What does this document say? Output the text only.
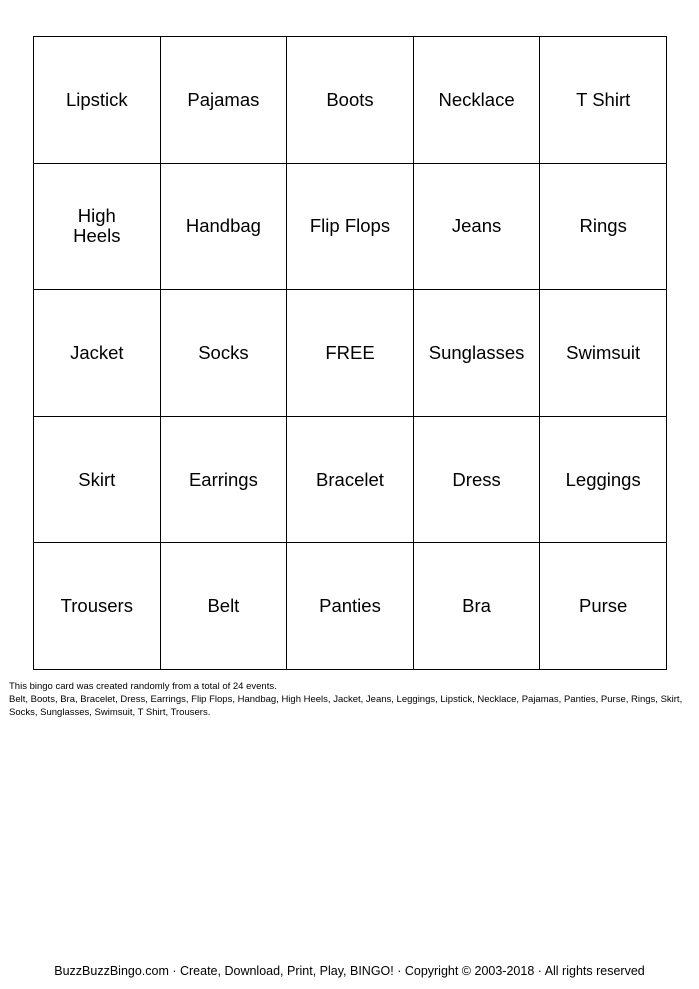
Lipstick	Pajamas	Boots	Necklace	T Shirt

High Heels	Handbag	Flip Flops	Jeans	Rings

Jacket	Socks	FREE	Sunglasses	Swimsuit

Skirt	Earrings	Bracelet	Dress	Leggings

Trousers	Belt	Panties	Bra	Purse

This bingo card was created randomly from a total of 24 events.

Belt, Boots, Bra, Bracelet, Dress, Earrings, Flip Flops, Handbag, High Heels, Jacket, Jeans, Leggings, Lipstick, Necklace, Pajamas, Panties, Purse, Rings, Skirt, Socks, Sunglasses, Swimsuit, T Shirt, Trousers.

BuzzBuzzBingo.com · Create, Download, Print, Play, BINGO! · Copyright © 2003-2018 · All rights reserved
